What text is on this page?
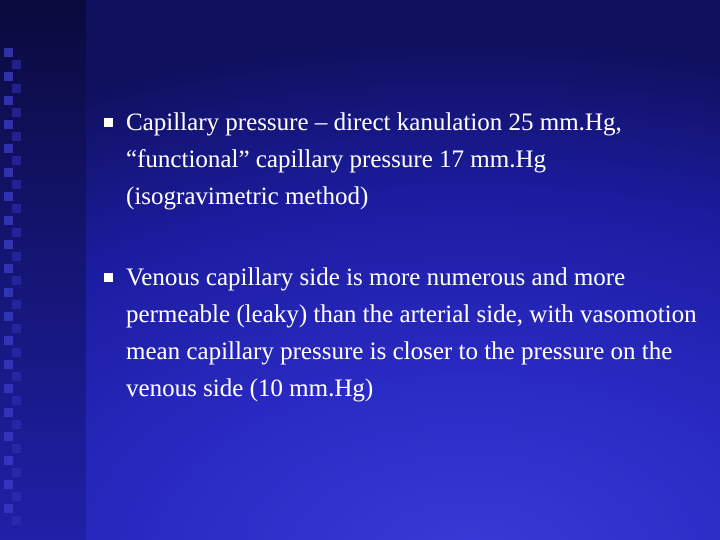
Capillary pressure – direct kanulation 25 mm.Hg, “functional” capillary pressure 17 mm.Hg (isogravimetric method)
Venous capillary side is more numerous and more permeable (leaky) than the arterial side, with vasomotion mean capillary pressure is closer to the pressure on the venous side (10 mm.Hg)
